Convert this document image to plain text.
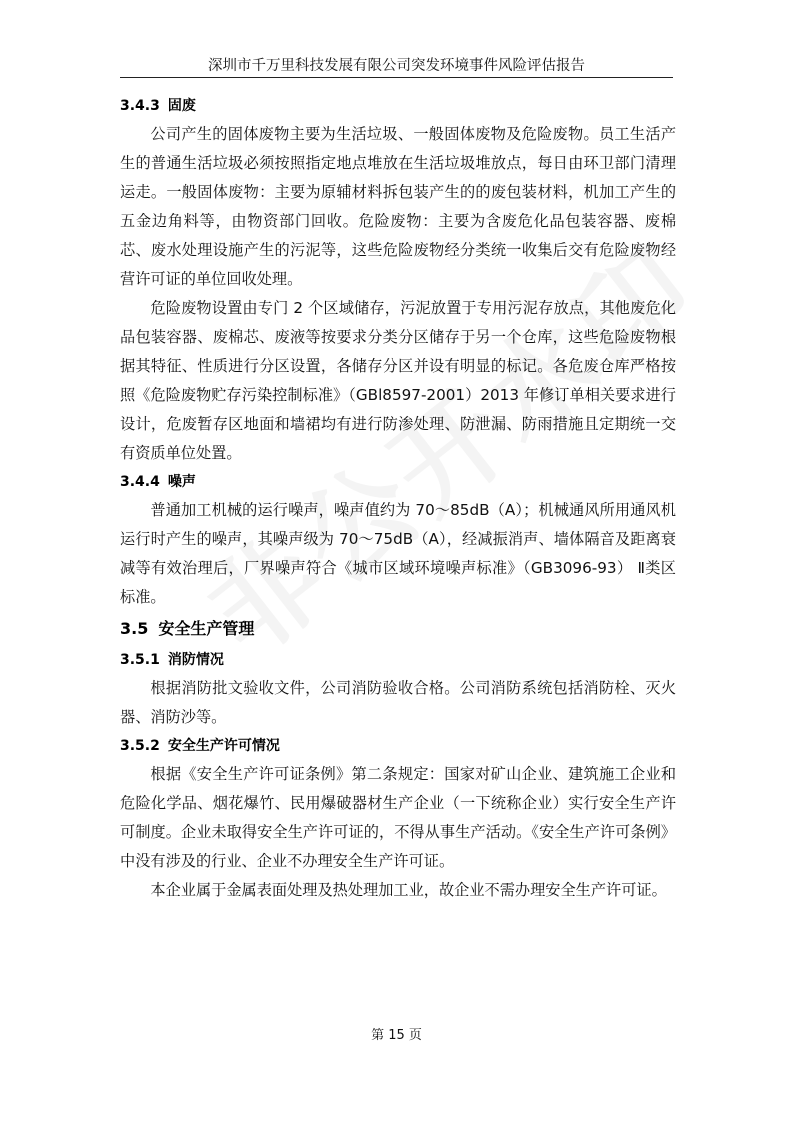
深圳市千万里科技发展有限公司突发环境事件风险评估报告
3.4.3 固废

公司产生的固体废物主要为生活垃圾、一般固体废物及危险废物。员工生活产生的普通生活垃圾必须按照指定地点堆放在生活垃圾堆放点，每日由环卫部门清理运走。一般固体废物：主要为原辅材料拆包装产生的的废包装材料，机加工产生的五金边角料等，由物资部门回收。危险废物：主要为含废危化品包装容器、废棉芯、废水处理设施产生的污泥等，这些危险废物经分类统一收集后交有危险废物经营许可证的单位回收处理。

危险废物设置由专门 2 个区域储存，污泥放置于专用污泥存放点，其他废危化品包装容器、废棉芯、废液等按要求分类分区储存于另一个仓库，这些危险废物根据其特征、性质进行分区设置，各储存分区并设有明显的标记。各危废仓库严格按照《危险废物贮存污染控制标准》（GBl8597-2001）2013 年修订单相关要求进行设计，危废暂存区地面和墙裙均有进行防渗处理、防泄漏、防雨措施且定期统一交有资质单位处置。

3.4.4 噪声

普通加工机械的运行噪声，噪声值约为 70～85dB（A）；机械通风所用通风机运行时产生的噪声，其噪声级为 70～75dB（A），经减振消声、墙体隔音及距离衰减等有效治理后，厂界噪声符合《城市区域环境噪声标准》（GB3096-93） Ⅱ类区标准。

3.5 安全生产管理
3.5.1 消防情况

根据消防批文验收文件，公司消防验收合格。公司消防系统包括消防栓、灭火器、消防沙等。

3.5.2 安全生产许可情况

根据《安全生产许可证条例》第二条规定：国家对矿山企业、建筑施工企业和危险化学品、烟花爆竹、民用爆破器材生产企业（一下统称企业）实行安全生产许可制度。企业未取得安全生产许可证的，不得从事生产活动。《安全生产许可条例》中没有涉及的行业、企业不办理安全生产许可证。

本企业属于金属表面处理及热处理加工业，故企业不需办理安全生产许可证。

第 15 页
